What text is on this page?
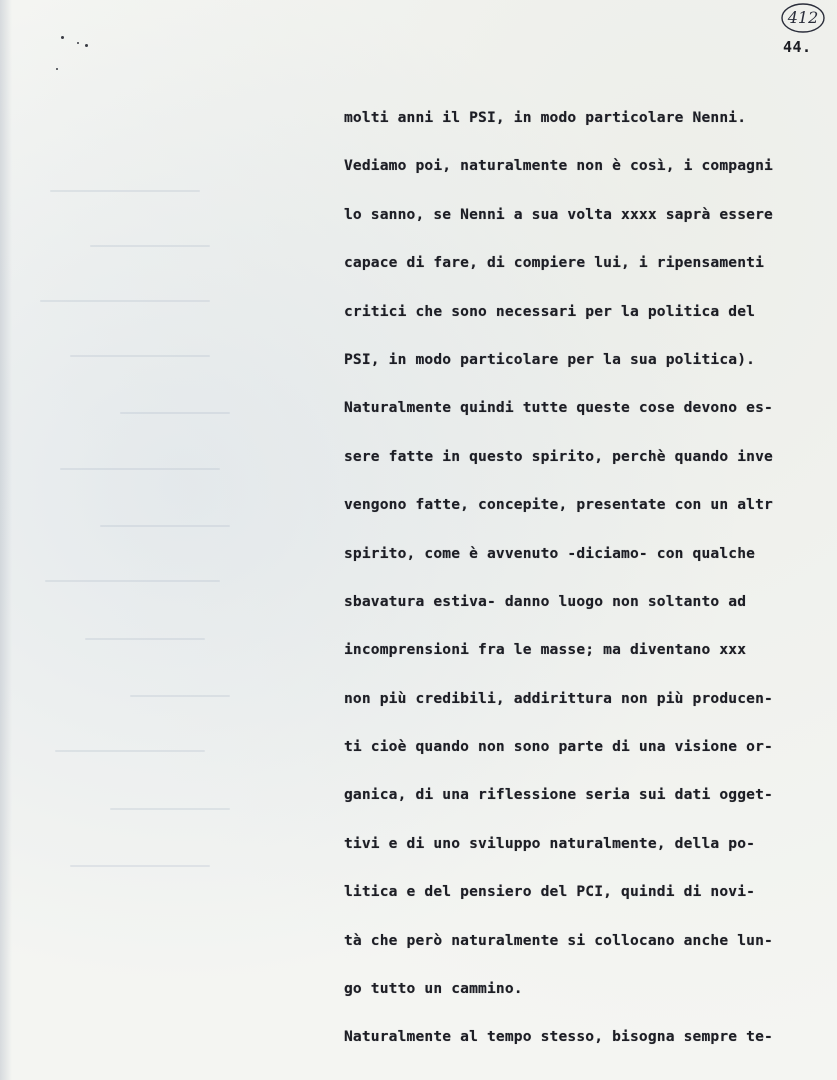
412
44.
molti anni il PSI, in modo particolare Nenni.
Vediamo poi, naturalmente non è così, i compagni
lo sanno, se Nenni a sua volta xxxx saprà essere
capace di fare, di compiere lui, i ripensamenti
critici che sono necessari per la politica del
PSI, in modo particolare per la sua politica).
Naturalmente quindi tutte queste cose devono es-
sere fatte in questo spirito, perchè quando inve
vengono fatte, concepite, presentate con un altr
spirito, come è avvenuto -diciamo- con qualche
sbavatura estiva- danno luogo non soltanto ad
incomprensioni fra le masse; ma diventano xxx
non più credibili, addirittura non più producen-
ti cioè quando non sono parte di una visione or-
ganica, di una riflessione seria sui dati ogget-
tivi e di uno sviluppo naturalmente, della po-
litica e del pensiero del PCI, quindi di novi-
tà che però naturalmente si collocano anche lun-
go tutto un cammino.
Naturalmente al tempo stesso, bisogna sempre te-
